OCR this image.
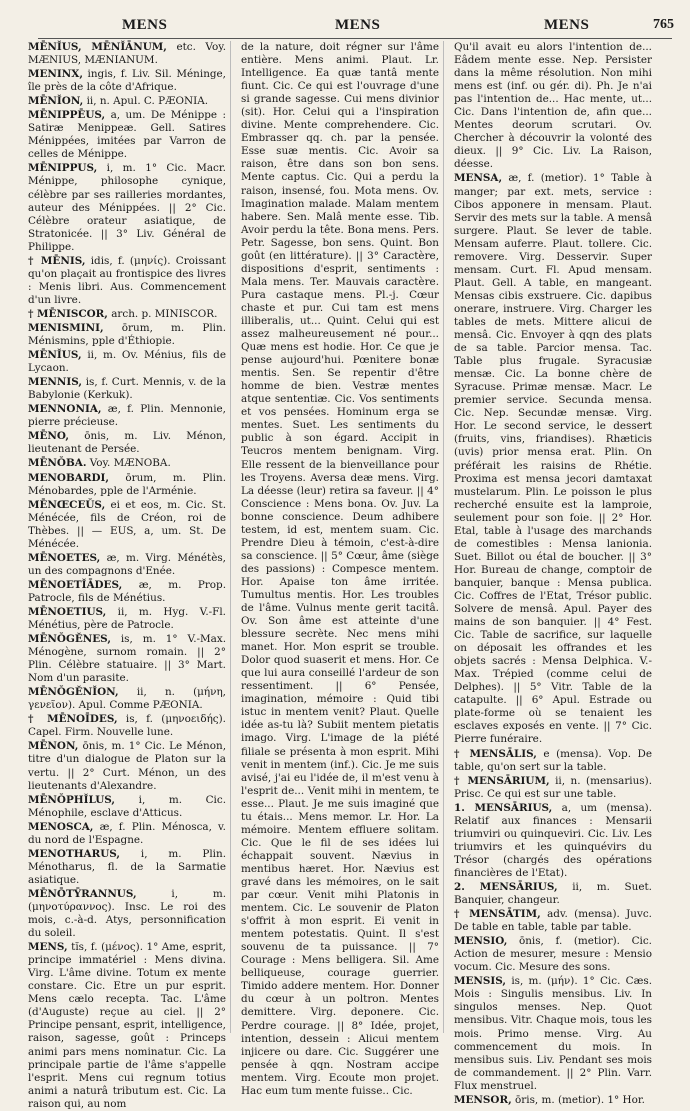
MENS	MENS	MENS	765

MĒNĬUS, MĒNĬĀNUM, etc. Voy. MÆNIUS, MÆNIANUM.

MENINX, ingis, f. Liv. Sil. Méninge, île près de la côte d'Afrique.

MĒNĬON, ii, n. Apul. C. PÆONIA.

MĒNIPPĒUS, a, um. De Ménippe : Satiræ Menippeæ. Gell. Satires Ménippées, imitées par Varron de celles de Ménippe.

MĒNIPPUS, i, m. 1° Cic. Macr. Ménippe, philosophe cynique, célèbre par ses railleries mordantes, auteur des Ménippées. || 2° Cic. Célèbre orateur asiatique, de Stratonicée. || 3° Liv. Général de Philippe.

† MĒNIS, idis, f. (μηνίς). Croissant qu'on plaçait au frontispice des livres : Menis libri. Aus. Commencement d'un livre.

† MĒNISCOR, arch. p. MINISCOR.

MENISMINI, ōrum, m. Plin. Ménismins, pple d'Éthiopie.

MĒNĬUS, ii, m. Ov. Ménius, fils de Lycaon.

MENNIS, is, f. Curt. Mennis, v. de la Babylonie (Kerkuk).

MENNONIA, æ, f. Plin. Mennonie, pierre précieuse.

MĒNO, ōnis, m. Liv. Ménon, lieutenant de Persée.

MĒNŎBA. Voy. MÆNOBA.

MENOBARDI, ōrum, m. Plin. Ménobardes, pple de l'Arménie.

MĒNŒCEŬS, ei et eos, m. Cic. St. Ménécée, fils de Créon, roi de Thèbes. || — EUS, a, um. St. De Ménécée.

MĒNOETES, æ, m. Virg. Ménétès, un des compagnons d'Enée.

MĒNOETĬĀDES, æ, m. Prop. Patrocle, fils de Ménétius.

MĒNOETIUS, ii, m. Hyg. V.-Fl. Ménétius, père de Patrocle.

MĒNŎGĔNES, is, m. 1° V.-Max. Ménogène, surnom romain. || 2° Plin. Célèbre statuaire. || 3° Mart. Nom d'un parasite.

MĒNŎGĔNĬON, ii, n. (μήνη, γενεῖον). Apul. Comme PÆONIA.

† MĒNOĪDES, is, f. (μηνοειδής). Capel. Firm. Nouvelle lune.

MĒNON, ōnis, m. 1° Cic. Le Ménon, titre d'un dialogue de Platon sur la vertu. || 2° Curt. Ménon, un des lieutenants d'Alexandre.

MĒNŎPHĬLUS, i, m. Cic. Ménophile, esclave d'Atticus.

MENOSCA, æ, f. Plin. Ménosca, v. du nord de l'Espagne.

MENOTHARUS, i, m. Plin. Ménotharus, fl. de la Sarmatie asiatique.

MĒNŌTȲRANNUS,	i, m. (μηνοτύραννος). Insc. Le roi des mois, c.-à-d. Atys, personnification du soleil.

MENS, tĭs, f. (μένος). 1° Ame, esprit, principe immatériel : Mens divina. Virg. L'âme divine. Totum ex mente constare. Cic. Etre un pur esprit. Mens cælo recepta. Tac. L'âme (d'Auguste) reçue au ciel. || 2° Principe pensant, esprit, intelligence, raison, sagesse, goût : Princeps animi pars mens nominatur. Cic. La principale partie de l'âme s'appelle l'esprit. Mens cui regnum totius animi a naturâ tributum est. Cic. La raison qui, au nom

de la nature, doit régner sur l'âme entière. Mens animi. Plaut. Lr. Intelligence. Ea quæ tantâ mente fiunt. Cic. Ce qui est l'ouvrage d'une si grande sagesse. Cui mens divinior (sit). Hor. Celui qui a l'inspiration divine. Mente comprehendere. Cic. Embrasser qq. ch. par la pensée. Esse suæ mentis. Cic. Avoir sa raison, être dans son bon sens. Mente captus. Cic. Qui a perdu la raison, insensé, fou. Mota mens. Ov. Imagination malade. Malam mentem habere. Sen. Malâ mente esse. Tib. Avoir perdu la tête. Bona mens. Pers. Petr. Sagesse, bon sens. Quint. Bon goût (en littérature). || 3° Caractère, dispositions d'esprit, sentiments : Mala mens. Ter. Mauvais caractère. Pura castaque mens. Pl.-j. Cœur chaste et pur. Cui tam est mens illiberalis, ut... Quint. Celui qui est assez malheureusement né pour... Quæ mens est hodie. Hor. Ce que je pense aujourd'hui. Pœnitere bonæ mentis. Sen. Se repentir d'être homme de bien. Vestræ mentes atque sententiæ. Cic. Vos sentiments et vos pensées. Hominum erga se mentes. Suet. Les sentiments du public à son égard. Accipit in Teucros mentem benignam. Virg. Elle ressent de la bienveillance pour les Troyens. Aversa deæ mens. Virg. La déesse (leur) retira sa faveur. || 4° Conscience : Mens bona. Ov. Juv. La bonne conscience. Deum adhibere testem, id est, mentem suam. Cic. Prendre Dieu à témoin, c'est-à-dire sa conscience. || 5° Cœur, âme (siège des passions) : Compesce mentem. Hor. Apaise ton âme irritée. Tumultus mentis. Hor. Les troubles de l'âme. Vulnus mente gerit tacitâ. Ov. Son âme est atteinte d'une blessure secrète. Nec mens mihi manet. Hor. Mon esprit se trouble. Dolor quod suaserit et mens. Hor. Ce que lui aura conseillé l'ardeur de son ressentiment. || 6° Pensée, imagination, mémoire : Quid tibi istuc in mentem venit? Plaut. Quelle idée as-tu là? Subiit mentem pietatis imago. Virg. L'image de la piété filiale se présenta à mon esprit. Mihi venit in mentem (inf.). Cic. Je me suis avisé, j'ai eu l'idée de, il m'est venu à l'esprit de... Venit mihi in mentem, te esse... Plaut. Je me suis imaginé que tu étais... Mens memor. Lr. Hor. La mémoire. Mentem effluere solitam. Cic. Que le fil de ses idées lui échappait souvent. Nævius in mentibus hæret. Hor. Nævius est gravé dans les mémoires, on le sait par cœur. Venit mihi Platonis in mentem. Cic. Le souvenir de Platon s'offrit à mon esprit. Ei venit in mentem potestatis. Quint. Il s'est souvenu de ta puissance. || 7° Courage : Mens belligera. Sil. Ame belliqueuse, courage guerrier. Timido addere mentem. Hor. Donner du cœur à un poltron. Mentes demittere. Virg. deponere. Cic. Perdre courage. || 8° Idée, projet, intention, dessein : Alicui mentem injicere ou dare. Cic. Suggérer une pensée à qqn. Nostram accipe mentem. Virg. Ecoute mon projet. Hac eum tum mente fuisse.. Cic.

Qu'il avait eu alors l'intention de... Eâdem mente esse. Nep. Persister dans la même résolution. Non mihi mens est (inf. ou gér. di). Ph. Je n'ai pas l'intention de... Hac mente, ut... Cic. Dans l'intention de, afin que... Mentes deorum scrutari. Ov. Chercher à découvrir la volonté des dieux. || 9° Cic. Liv. La Raison, déesse.

MENSA, æ, f. (metior). 1° Table à manger; par ext. mets, service : Cibos apponere in mensam. Plaut. Servir des mets sur la table. A mensâ surgere. Plaut. Se lever de table. Mensam auferre. Plaut. tollere. Cic. removere. Virg. Desservir. Super mensam. Curt. Fl. Apud mensam. Plaut. Gell. A table, en mangeant. Mensas cibis exstruere. Cic. dapibus onerare, instruere. Virg. Charger les tables de mets. Mittere alicui de mensâ. Cic. Envoyer à qqn des plats de sa table. Parcior mensa. Tac. Table plus frugale. Syracusiæ mensæ. Cic. La bonne chère de Syracuse. Primæ mensæ. Macr. Le premier service. Secunda mensa. Cic. Nep. Secundæ mensæ. Virg. Hor. Le second service, le dessert (fruits, vins, friandises). Rhæticis (uvis) prior mensa erat. Plin. On préférait les raisins de Rhétie. Proxima est mensa jecori damtaxat mustelarum. Plin. Le poisson le plus recherché ensuite est la lamproie, seulement pour son foie. || 2° Hor. Etal, table à l'usage des marchands de comestibles : Mensa lanionia. Suet. Billot ou étal de boucher. || 3° Hor. Bureau de change, comptoir de banquier, banque : Mensa publica. Cic. Coffres de l'Etat, Trésor public. Solvere de mensâ. Apul. Payer des mains de son banquier. || 4° Fest. Cic. Table de sacrifice, sur laquelle on déposait les offrandes et les objets sacrés : Mensa Delphica. V.-Max. Trépied (comme celui de Delphes). || 5° Vitr. Table de la catapulte. || 6° Apul. Estrade ou plate-forme où se tenaient les esclaves exposés en vente. || 7° Cic. Pierre funéraire.

† MENSĀLIS, e (mensa). Vop. De table, qu'on sert sur la table.

† MENSĀRIUM, ii, n. (mensarius). Prisc. Ce qui est sur une table.

1. MENSĀRIUS, a, um (mensa). Relatif aux finances : Mensarii triumviri ou quinqueviri. Cic. Liv. Les triumvirs et les quinquévirs du Trésor (chargés des opérations financières de l'Etat).

2. MENSĀRIUS, ii, m. Suet. Banquier, changeur.

† MENSĀTIM, adv. (mensa). Juvc. De table en table, table par table.

MENSIO, ōnis, f. (metior). Cic. Action de mesurer, mesure : Mensio vocum. Cic. Mesure des sons.

MENSIS, is, m. (μήν). 1° Cic. Cæs. Mois : Singulis mensibus. Liv. In singulos menses. Nep. Quot mensibus. Vitr. Chaque mois, tous les mois. Primo mense. Virg. Au commencement du mois. In mensibus suis. Liv. Pendant ses mois de commandement. || 2° Plin. Varr. Flux menstruel.

MENSOR, ōris, m. (metior). 1° Hor.
